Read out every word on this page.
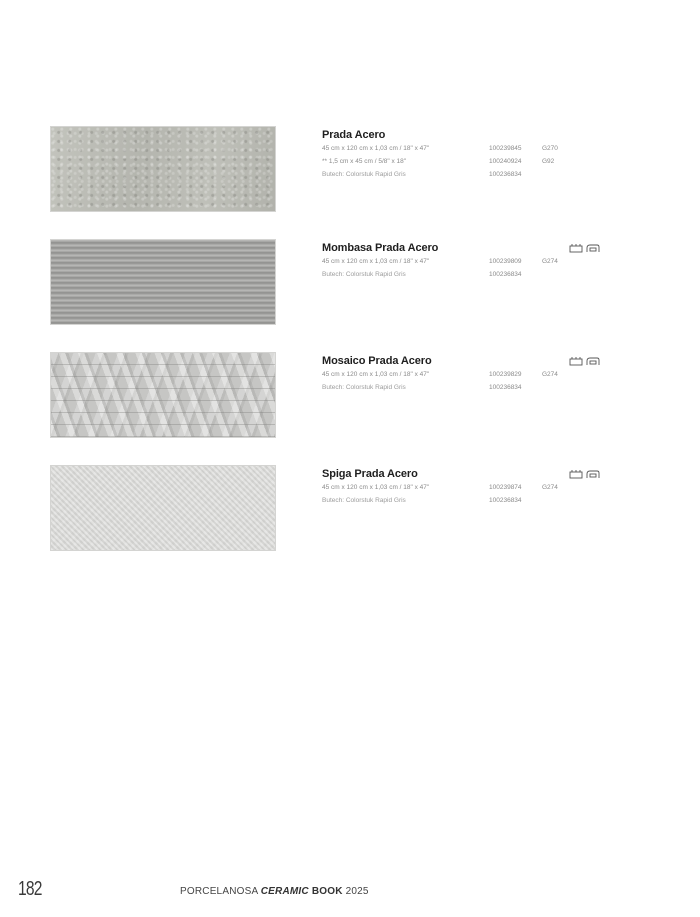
Prada Acero
45 cm x 120 cm x 1,03 cm / 18" x 47"	100239845	G270
** 1,5 cm x 45 cm / 5/8" x 18"	100240924	G92
Butech: Colorstuk Rapid Gris	100236834
Mombasa Prada Acero
45 cm x 120 cm x 1,03 cm / 18" x 47"	100239809	G274
Butech: Colorstuk Rapid Gris	100236834
Mosaico Prada Acero
45 cm x 120 cm x 1,03 cm / 18" x 47"	100239829	G274
Butech: Colorstuk Rapid Gris	100236834
Spiga Prada Acero
45 cm x 120 cm x 1,03 cm / 18" x 47"	100239874	G274
Butech: Colorstuk Rapid Gris	100236834
182	PORCELANOSA CERAMIC BOOK 2025
